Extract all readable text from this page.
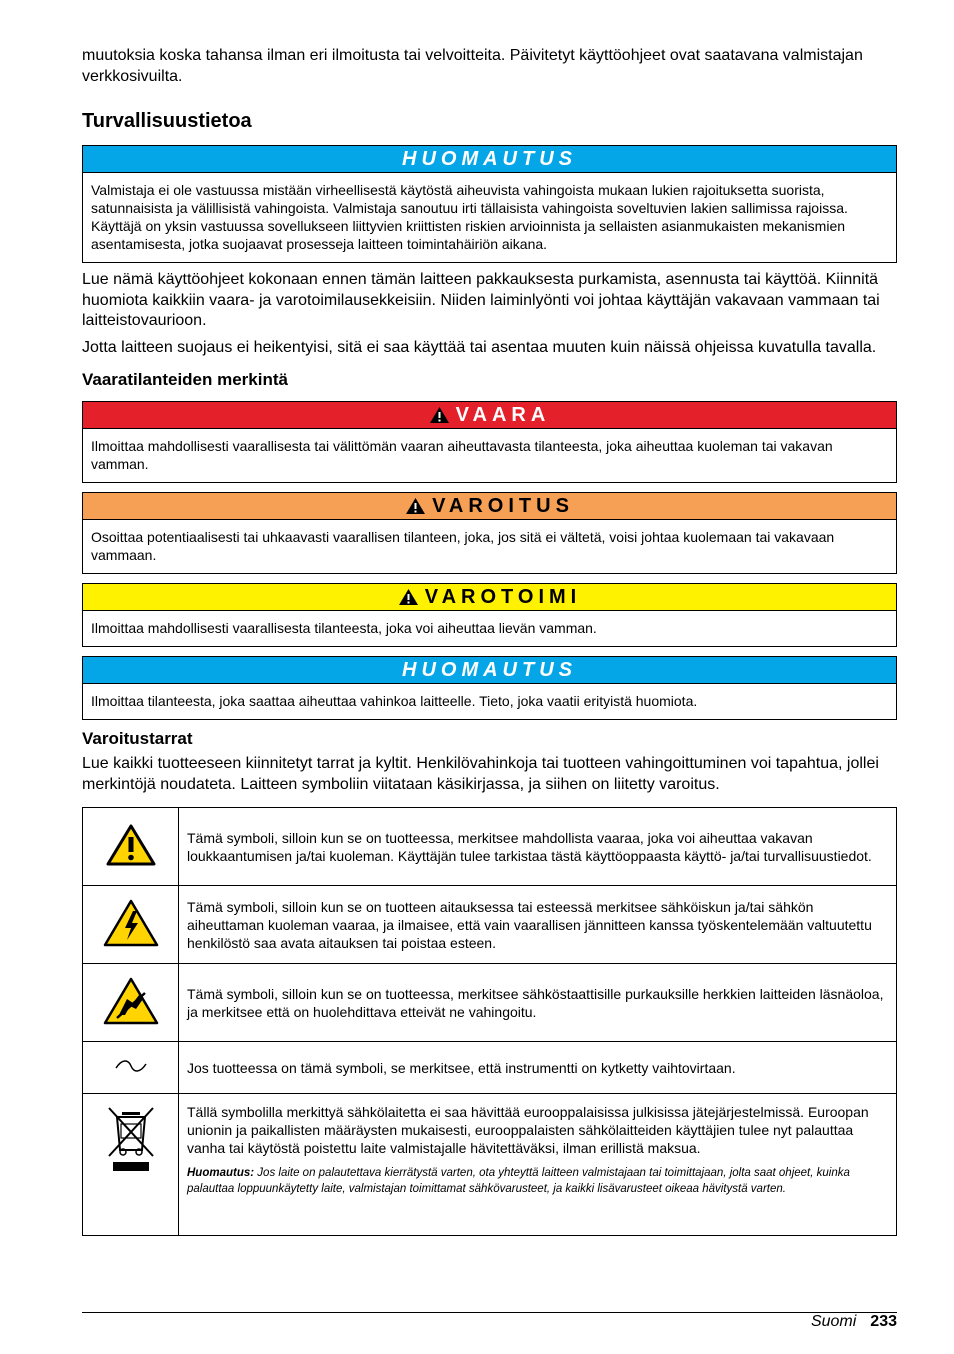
muutoksia koska tahansa ilman eri ilmoitusta tai velvoitteita. Päivitetyt käyttöohjeet ovat saatavana valmistajan verkkosivuilta.

Turvallisuustietoa
HUOMAUTUS
Valmistaja ei ole vastuussa mistään virheellisestä käytöstä aiheuvista vahingoista mukaan lukien rajoituksetta suorista, satunnaisista ja välillisistä vahingoista. Valmistaja sanoutuu irti tällaisista vahingoista soveltuvien lakien sallimissa rajoissa. Käyttäjä on yksin vastuussa sovellukseen liittyvien kriittisten riskien arvioinnista ja sellaisten asianmukaisten mekanismien asentamisesta, jotka suojaavat prosesseja laitteen toimintahäiriön aikana.

Lue nämä käyttöohjeet kokonaan ennen tämän laitteen pakkauksesta purkamista, asennusta tai käyttöä. Kiinnitä huomiota kaikkiin vaara- ja varotoimilausekkeisiin. Niiden laiminlyönti voi johtaa käyttäjän vakavaan vammaan tai laitteistovaurioon.

Jotta laitteen suojaus ei heikentyisi, sitä ei saa käyttää tai asentaa muuten kuin näissä ohjeissa kuvatulla tavalla.

Vaaratilanteiden merkintä
VAARA
Ilmoittaa mahdollisesti vaarallisesta tai välittömän vaaran aiheuttavasta tilanteesta, joka aiheuttaa kuoleman tai vakavan vamman.
VAROITUS
Osoittaa potentiaalisesti tai uhkaavasti vaarallisen tilanteen, joka, jos sitä ei vältetä, voisi johtaa kuolemaan tai vakavaan vammaan.
VAROTOIMI
Ilmoittaa mahdollisesti vaarallisesta tilanteesta, joka voi aiheuttaa lievän vamman.
HUOMAUTUS
Ilmoittaa tilanteesta, joka saattaa aiheuttaa vahinkoa laitteelle. Tieto, joka vaatii erityistä huomiota.
Varoitustarrat

Lue kaikki tuotteeseen kiinnitetyt tarrat ja kyltit. Henkilövahinkoja tai tuotteen vahingoittuminen voi tapahtua, jollei merkintöjä noudateta. Laitteen symboliin viitataan käsikirjassa, ja siihen on liitetty varoitus.

	Tämä symboli, silloin kun se on tuotteessa, merkitsee mahdollista vaaraa, joka voi aiheuttaa vakavan loukkaantumisen ja/tai kuoleman. Käyttäjän tulee tarkistaa tästä käyttöoppaasta käyttö- ja/tai turvallisuustiedot.
	Tämä symboli, silloin kun se on tuotteen aitauksessa tai esteessä merkitsee sähköiskun ja/tai sähkön aiheuttaman kuoleman vaaraa, ja ilmaisee, että vain vaarallisen jännitteen kanssa työskentelemään valtuutettu henkilöstö saa avata aitauksen tai poistaa esteen.
	Tämä symboli, silloin kun se on tuotteessa, merkitsee sähköstaattisille purkauksille herkkien laitteiden läsnäoloa, ja merkitsee että on huolehdittava etteivät ne vahingoitu.
	Jos tuotteessa on tämä symboli, se merkitsee, että instrumentti on kytketty vaihtovirtaan.

Tällä symbolilla merkittyä sähkölaitetta ei saa hävittää eurooppalaisissa julkisissa jätejärjestelmissä. Euroopan unionin ja paikallisten määräysten mukaisesti, eurooppalaisten sähkölaitteiden käyttäjien tulee nyt palauttaa vanha tai käytöstä poistettu laite valmistajalle hävitettäväksi, ilman erillistä maksua.
Huomautus: Jos laite on palautettava kierrätystä varten, ota yhteyttä laitteen valmistajaan tai toimittajaan, jolta saat ohjeet, kuinka palauttaa loppuunkäytetty laite, valmistajan toimittamat sähkövarusteet, ja kaikki lisävarusteet oikeaa hävitystä varten.
Suomi 233
